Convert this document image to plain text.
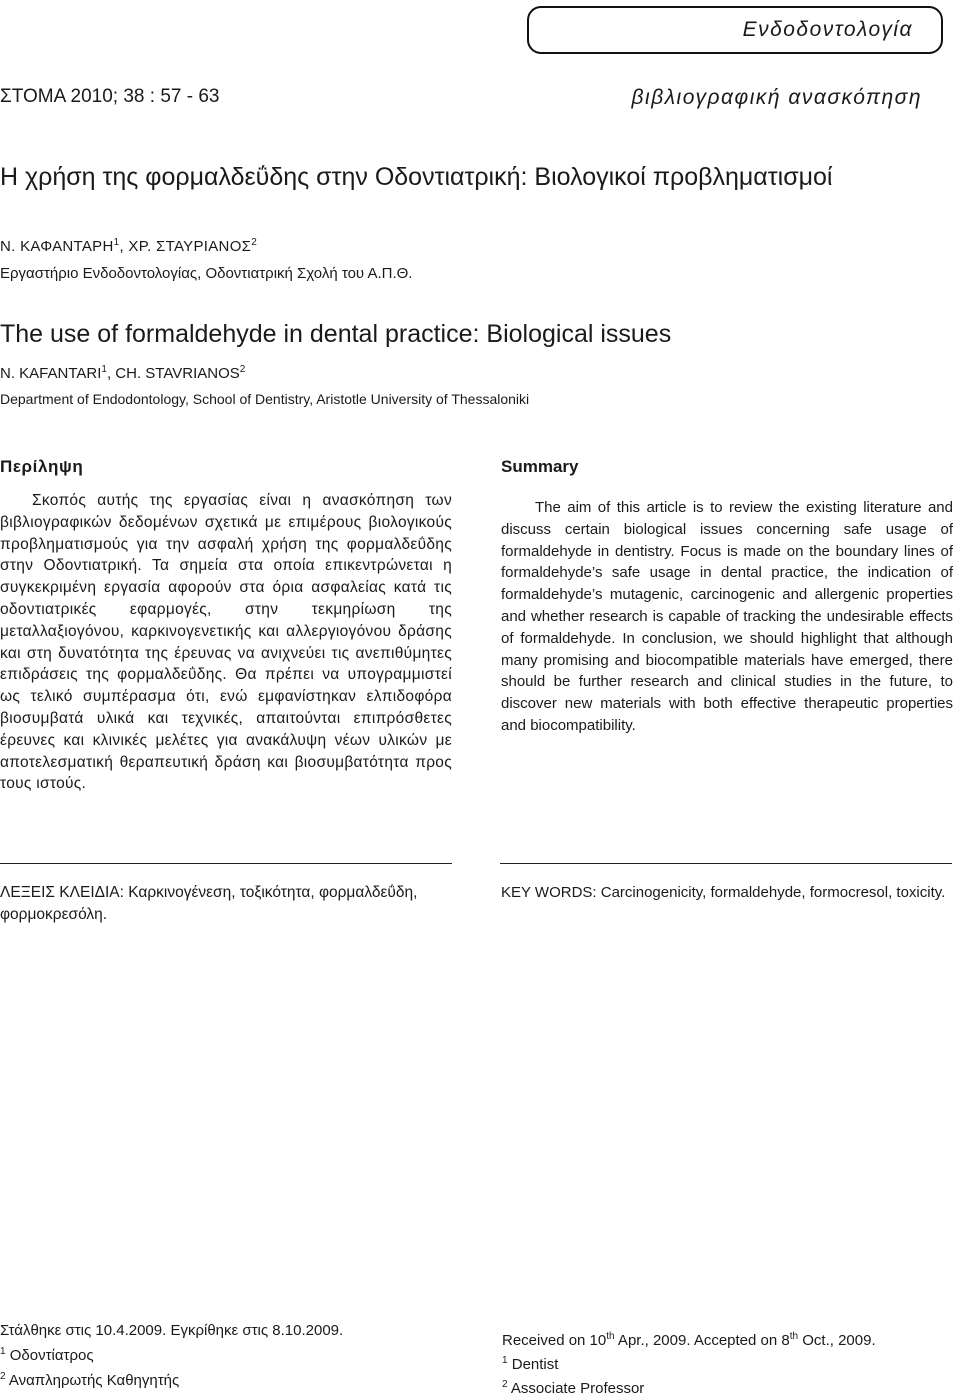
Ενδοδοντολογία
ΣΤΟΜΑ 2010; 38 : 57 - 63	βιβλιογραφική ανασκόπηση
Η χρήση της φορμαλδεΰδης στην Οδοντιατρική: Βιολογικοί προβληματισμοί
Ν. ΚΑΦΑΝΤΑΡΗ$^1$, ΧΡ. ΣΤΑΥΡΙΑΝΟΣ$^2$
Εργαστήριο Ενδοδοντολογίας, Οδοντιατρική Σχολή του Α.Π.Θ.
The use of formaldehyde in dental practice: Biological issues
N. KAFANTARI$^1$, CH. STAVRIANOS$^2$
Department of Endodontology, School of Dentistry, Aristotle University of Thessaloniki
Περίληψη	Summary
Σκοπός αυτής της εργασίας είναι η ανασκόπηση των βιβλιογραφικών δεδομένων σχετικά με επιμέρους βιολογικούς προβληματισμούς για την ασφαλή χρήση της φορμαλδεΰδης στην Οδοντιατρική. Τα σημεία στα οποία επικεντρώνεται η συγκεκριμένη εργασία αφορούν στα όρια ασφαλείας κατά τις οδοντιατρικές εφαρμογές, στην τεκμηρίωση της μεταλλαξιογόνου, καρκινογενετικής και αλλεργιογόνου δράσης και στη δυνατότητα της έρευνας να ανιχνεύει τις ανεπιθύμητες επιδράσεις της φορμαλδεΰδης. Θα πρέπει να υπογραμμιστεί ως τελικό συμπέρασμα ότι, ενώ εμφανίστηκαν ελπιδοφόρα βιοσυμβατά υλικά και τεχνικές, απαιτούνται επιπρόσθετες έρευνες και κλινικές μελέτες για ανακάλυψη νέων υλικών με αποτελεσματική θεραπευτική δράση και βιοσυμβατότητα προς τους ιστούς.
The aim of this article is to review the existing literature and discuss certain biological issues concerning safe usage of formaldehyde in dentistry. Focus is made on the boundary lines of formaldehyde’s safe usage in dental practice, the indication of formaldehyde’s mutagenic, carcinogenic and allergenic properties and whether research is capable of tracking the undesirable effects of formaldehyde. In conclusion, we should highlight that although many promising and biocompatible materials have emerged, there should be further research and clinical studies in the future, to discover new materials with both effective therapeutic properties and biocompatibility.
ΛΕΞΕΙΣ ΚΛΕΙΔΙΑ: Καρκινογένεση, τοξικότητα, φορμαλδεΰδη, φορμοκρεσόλη.
KEY WORDS: Carcinogenicity, formaldehyde, formocresol, toxicity.
Στάλθηκε στις 10.4.2009. Εγκρίθηκε στις 8.10.2009.
$^1$ Οδοντίατρος
$^2$ Αναπληρωτής Καθηγητής
Received on 10th Apr., 2009. Accepted on 8th Oct., 2009.
$^1$ Dentist
$^2$ Associate Professor
